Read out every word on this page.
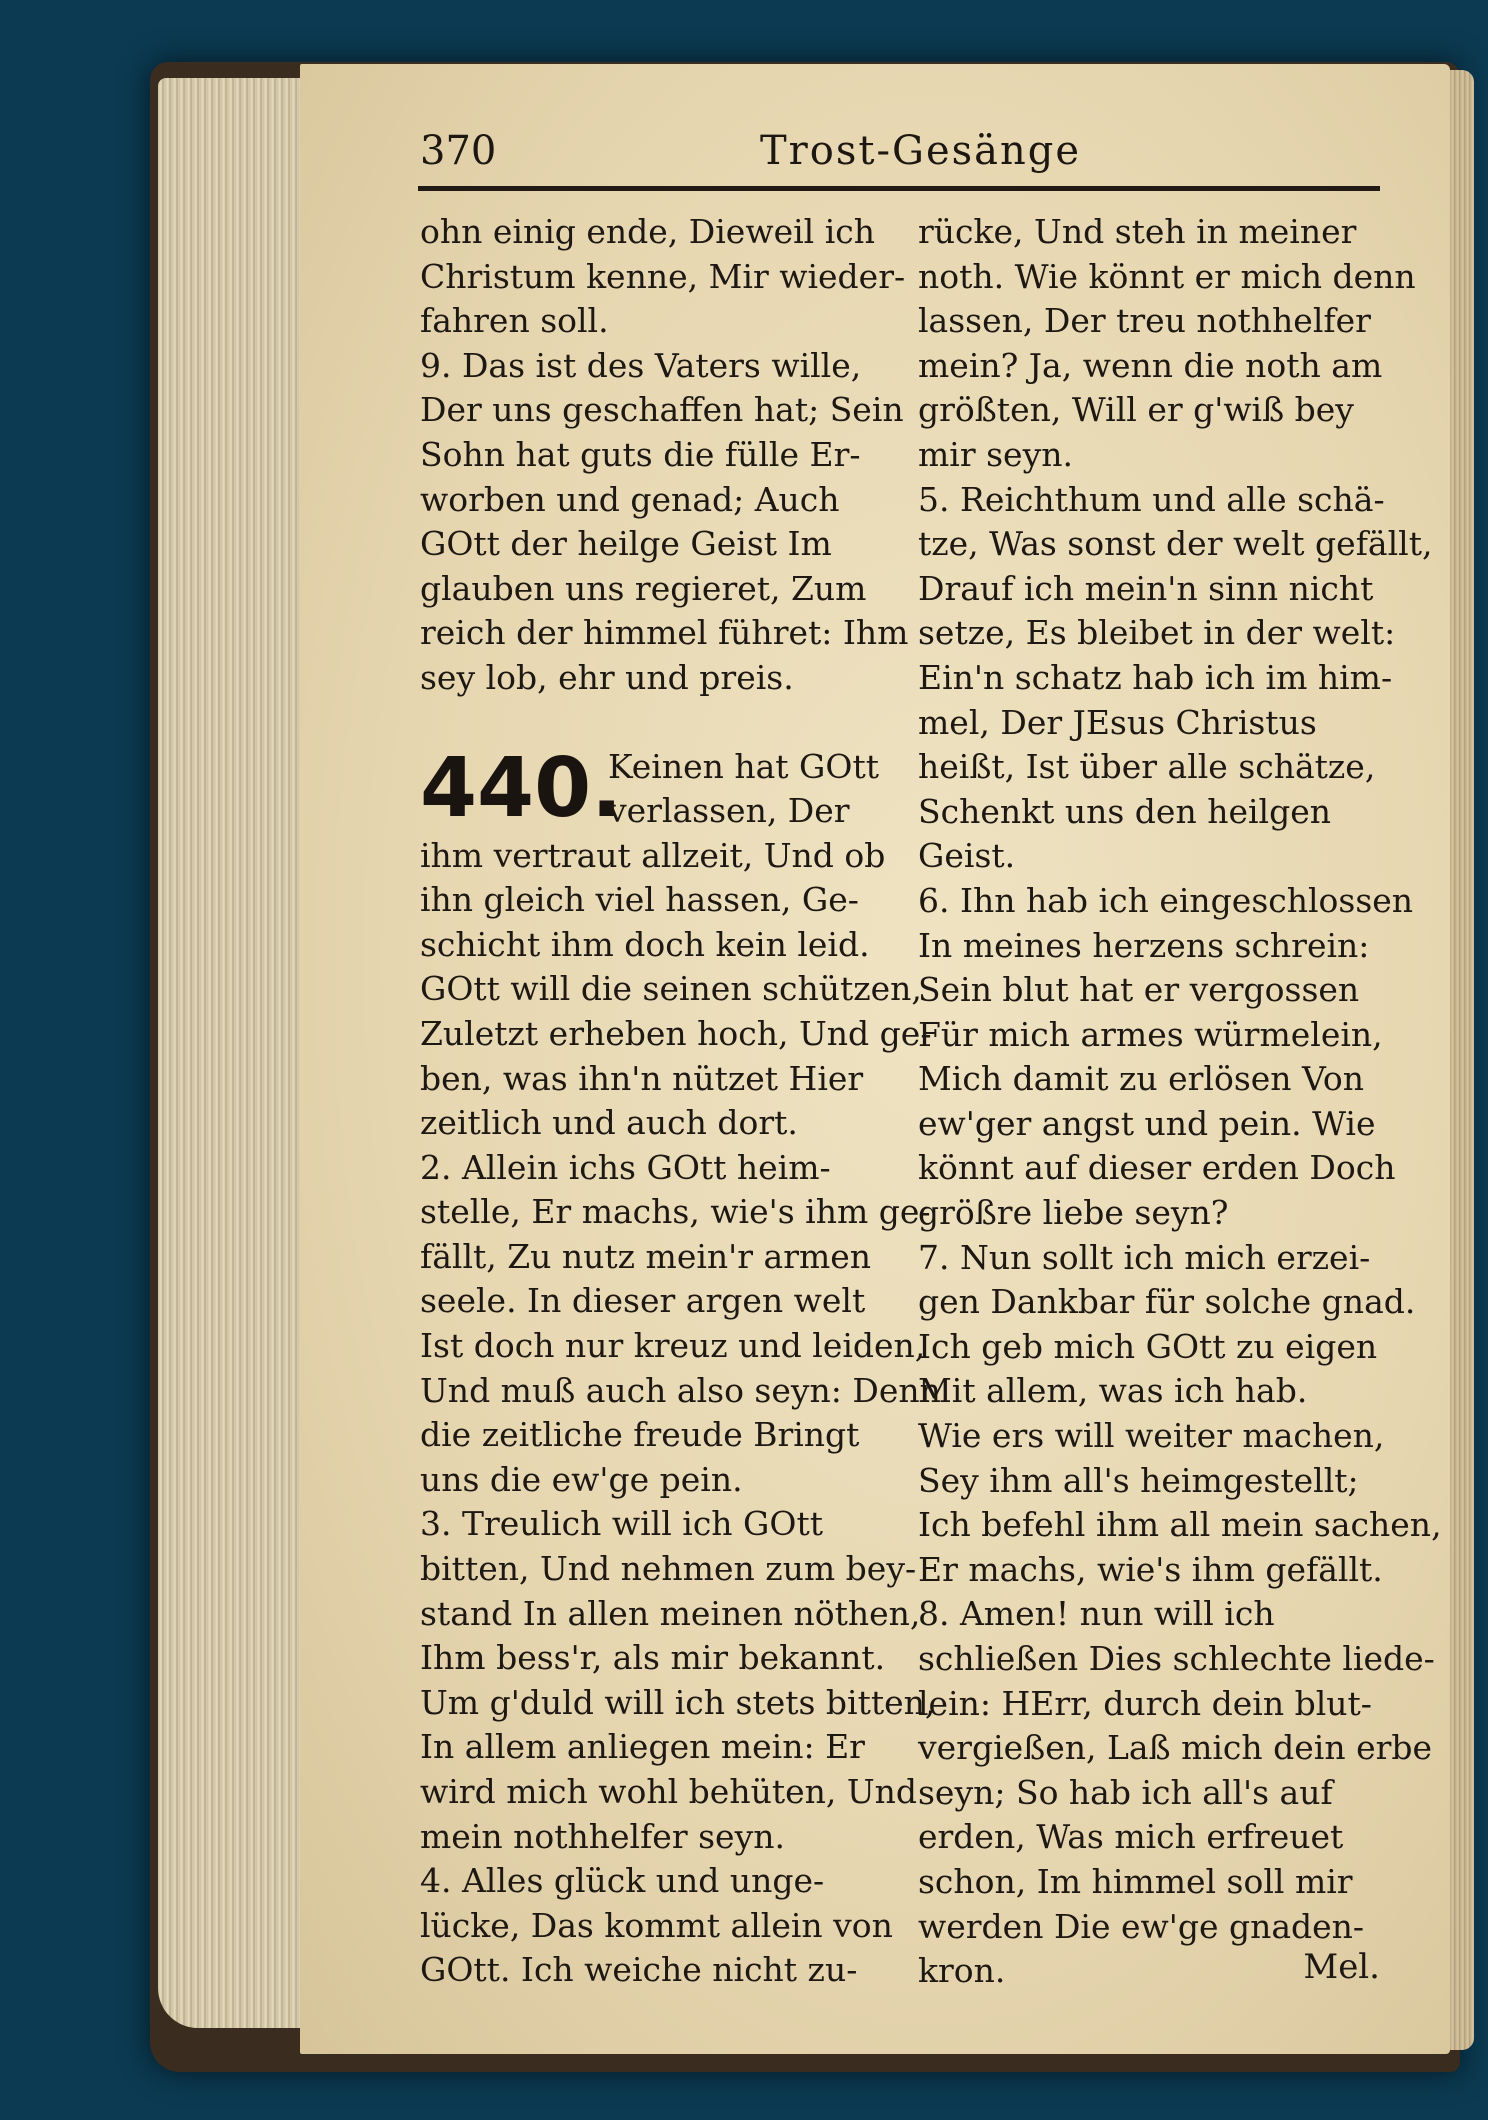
370	Trost-Gesänge
ohn einig ende, Dieweil ich
Christum kenne, Mir wieder-
fahren soll.
9. Das ist des Vaters wille,
Der uns geschaffen hat; Sein
Sohn hat guts die fülle Er-
worben und genad; Auch
GOtt der heilge Geist Im
glauben uns regieret, Zum
reich der himmel führet: Ihm
sey lob, ehr und preis.
440.
Keinen hat GOtt
verlassen, Der
ihm vertraut allzeit, Und ob
ihn gleich viel hassen, Ge-
schicht ihm doch kein leid.
GOtt will die seinen schützen,
Zuletzt erheben hoch, Und ge-
ben, was ihn'n nützet Hier
zeitlich und auch dort.
2. Allein ichs GOtt heim-
stelle, Er machs, wie's ihm ge-
fällt, Zu nutz mein'r armen
seele. In dieser argen welt
Ist doch nur kreuz und leiden,
Und muß auch also seyn: Denn
die zeitliche freude Bringt
uns die ew'ge pein.
3. Treulich will ich GOtt
bitten, Und nehmen zum bey-
stand In allen meinen nöthen,
Ihm bess'r, als mir bekannt.
Um g'duld will ich stets bitten,
In allem anliegen mein: Er
wird mich wohl behüten, Und
mein nothhelfer seyn.
4. Alles glück und unge-
lücke, Das kommt allein von
GOtt. Ich weiche nicht zu-
rücke, Und steh in meiner
noth. Wie könnt er mich denn
lassen, Der treu nothhelfer
mein? Ja, wenn die noth am
größten, Will er g'wiß bey
mir seyn.
5. Reichthum und alle schä-
tze, Was sonst der welt gefällt,
Drauf ich mein'n sinn nicht
setze, Es bleibet in der welt:
Ein'n schatz hab ich im him-
mel, Der JEsus Christus
heißt, Ist über alle schätze,
Schenkt uns den heilgen
Geist.
6. Ihn hab ich eingeschlossen
In meines herzens schrein:
Sein blut hat er vergossen
Für mich armes würmelein,
Mich damit zu erlösen Von
ew'ger angst und pein. Wie
könnt auf dieser erden Doch
größre liebe seyn?
7. Nun sollt ich mich erzei-
gen Dankbar für solche gnad.
Ich geb mich GOtt zu eigen
Mit allem, was ich hab.
Wie ers will weiter machen,
Sey ihm all's heimgestellt;
Ich befehl ihm all mein sachen,
Er machs, wie's ihm gefällt.
8. Amen! nun will ich
schließen Dies schlechte liede-
lein: HErr, durch dein blut-
vergießen, Laß mich dein erbe
seyn; So hab ich all's auf
erden, Was mich erfreuet
schon, Im himmel soll mir
werden Die ew'ge gnaden-
kron.	Mel.
